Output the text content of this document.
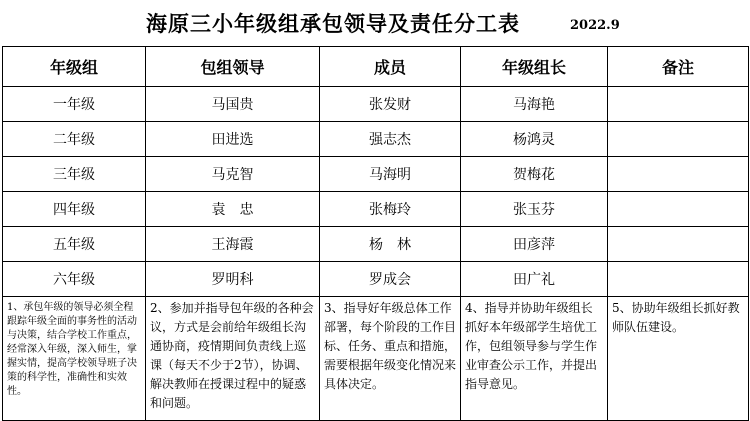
海原三小年级组承包领导及责任分工表	2022.9
年级组	包组领导	成员	年级组长	备注
一年级	马国贵	张发财	马海艳	
二年级	田进选	强志杰	杨鸿灵	
三年级	马克智	马海明	贺梅花	
四年级	袁　忠	张梅玲	张玉芬	
五年级	王海霞	杨　林	田彦萍	
六年级	罗明科	罗成会	田广礼	
1、承包年级的领导必须全程跟踪年级全面的事务性的活动与决策，结合学校工作重点，经常深入年级，深入师生，掌握实情，提高学校领导班子决策的科学性，准确性和实效性。	2、参加并指导包年级的各种会议，方式是会前给年级组长沟通协商，疫情期间负责线上巡课（每天不少于2节），协调、解决教师在授课过程中的疑惑和问题。	3、指导好年级总体工作部署，每个阶段的工作目标、任务、重点和措施，需要根据年级变化情况来具体决定。	4、指导并协助年级组长抓好本年级部学生培优工作，包组领导参与学生作业审查公示工作，并提出指导意见。	5、协助年级组长抓好教师队伍建设。
